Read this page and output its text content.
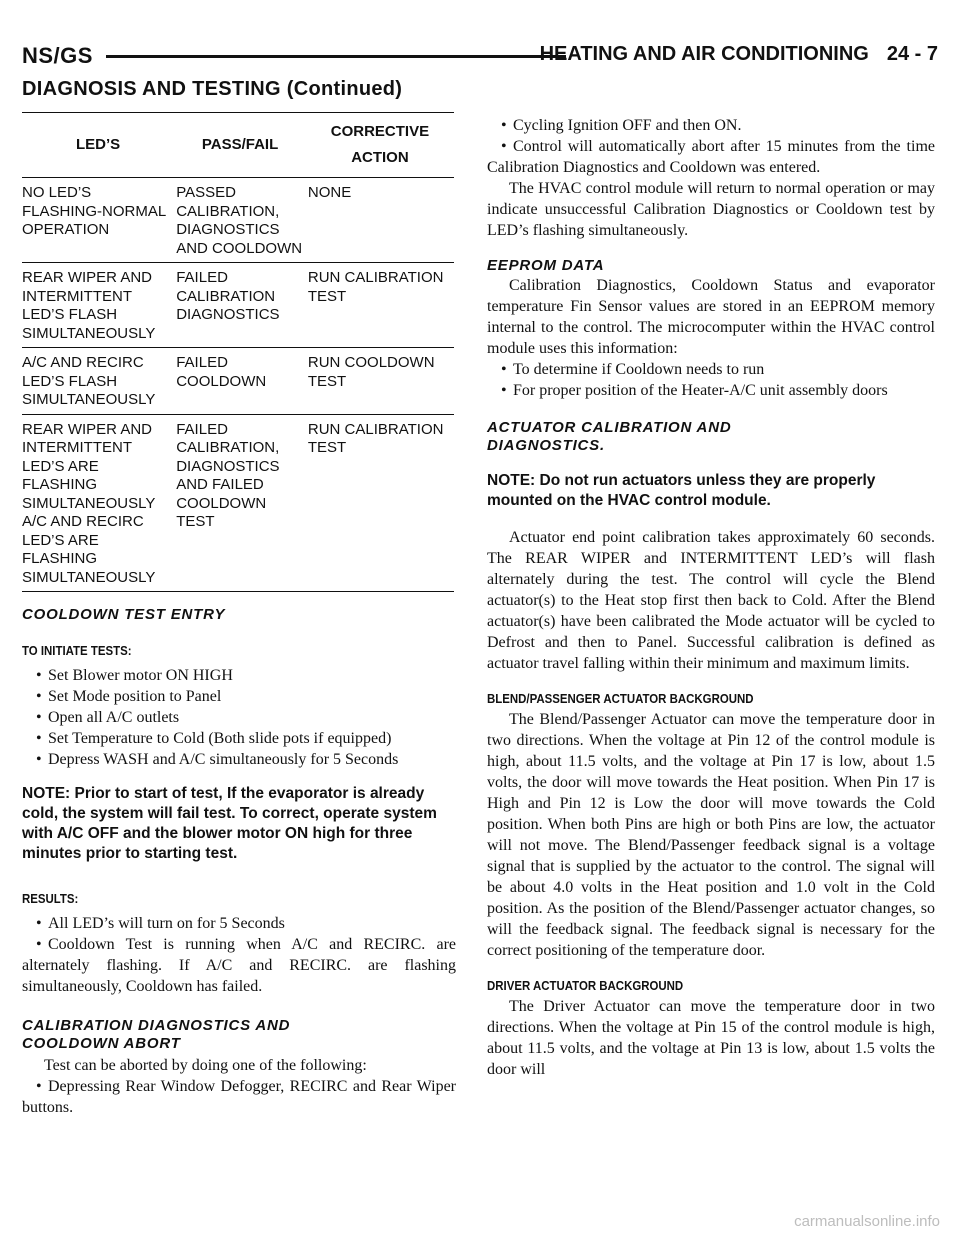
NS/GS	HEATING AND AIR CONDITIONING 24 - 7
DIAGNOSIS AND TESTING (Continued)
LED’S	PASS/FAIL	CORRECTIVE
ACTION

NO LED’S FLASHING-NORMAL OPERATION	PASSED CALIBRATION, DIAGNOSTICS AND COOLDOWN	NONE
REAR WIPER AND INTERMITTENT LED’S FLASH SIMULTANEOUSLY	FAILED CALIBRATION DIAGNOSTICS	RUN CALIBRATION TEST
A/C AND RECIRC LED’S FLASH SIMULTANEOUSLY	FAILED COOLDOWN	RUN COOLDOWN TEST
REAR WIPER AND INTERMITTENT LED’S ARE FLASHING SIMULTANEOUSLY A/C AND RECIRC LED’S ARE FLASHING SIMULTANEOUSLY	FAILED CALIBRATION, DIAGNOSTICS AND FAILED COOLDOWN TEST	RUN CALIBRATION TEST
COOLDOWN TEST ENTRY
TO INITIATE TESTS:

• Set Blower motor ON HIGH

• Set Mode position to Panel

• Open all A/C outlets

• Set Temperature to Cold (Both slide pots if equipped)

• Depress WASH and A/C simultaneously for 5 Seconds

NOTE: Prior to start of test, If the evaporator is already cold, the system will fail test. To correct, operate system with A/C OFF and the blower motor ON high for three minutes prior to starting test.
RESULTS:

• All LED’s will turn on for 5 Seconds

• Cooldown Test is running when A/C and RECIRC. are alternately flashing. If A/C and RECIRC. are flashing simultaneously, Cooldown has failed.

CALIBRATION DIAGNOSTICS AND COOLDOWN ABORT

Test can be aborted by doing one of the following:

• Depressing Rear Window Defogger, RECIRC and Rear Wiper buttons.

• Cycling Ignition OFF and then ON.

• Control will automatically abort after 15 minutes from the time Calibration Diagnostics and Cooldown was entered.

The HVAC control module will return to normal operation or may indicate unsuccessful Calibration Diagnostics or Cooldown test by LED’s flashing simultaneously.

EEPROM DATA

Calibration Diagnostics, Cooldown Status and evaporator temperature Fin Sensor values are stored in an EEPROM memory internal to the control. The microcomputer within the HVAC control module uses this information:

• To determine if Cooldown needs to run

• For proper position of the Heater-A/C unit assembly doors

ACTUATOR CALIBRATION AND DIAGNOSTICS.
NOTE: Do not run actuators unless they are properly mounted on the HVAC control module.

Actuator end point calibration takes approximately 60 seconds. The REAR WIPER and INTERMITTENT LED’s will flash alternately during the test. The control will cycle the Blend actuator(s) to the Heat stop first then back to Cold. After the Blend actuator(s) have been calibrated the Mode actuator will be cycled to Defrost and then to Panel. Successful calibration is defined as actuator travel falling within their minimum and maximum limits.

BLEND/PASSENGER ACTUATOR BACKGROUND

The Blend/Passenger Actuator can move the temperature door in two directions. When the voltage at Pin 12 of the control module is high, about 11.5 volts, and the voltage at Pin 17 is low, about 1.5 volts, the door will move towards the Heat position. When Pin 17 is High and Pin 12 is Low the door will move towards the Cold position. When both Pins are high or both Pins are low, the actuator will not move. The Blend/Passenger feedback signal is a voltage signal that is supplied by the actuator to the control. The signal will be about 4.0 volts in the Heat position and 1.0 volt in the Cold position. As the position of the Blend/Passenger actuator changes, so will the feedback signal. The feedback signal is necessary for the correct positioning of the temperature door.

DRIVER ACTUATOR BACKGROUND

The Driver Actuator can move the temperature door in two directions. When the voltage at Pin 15 of the control module is high, about 11.5 volts, and the voltage at Pin 13 is low, about 1.5 volts the door will

carmanualsonline.info
